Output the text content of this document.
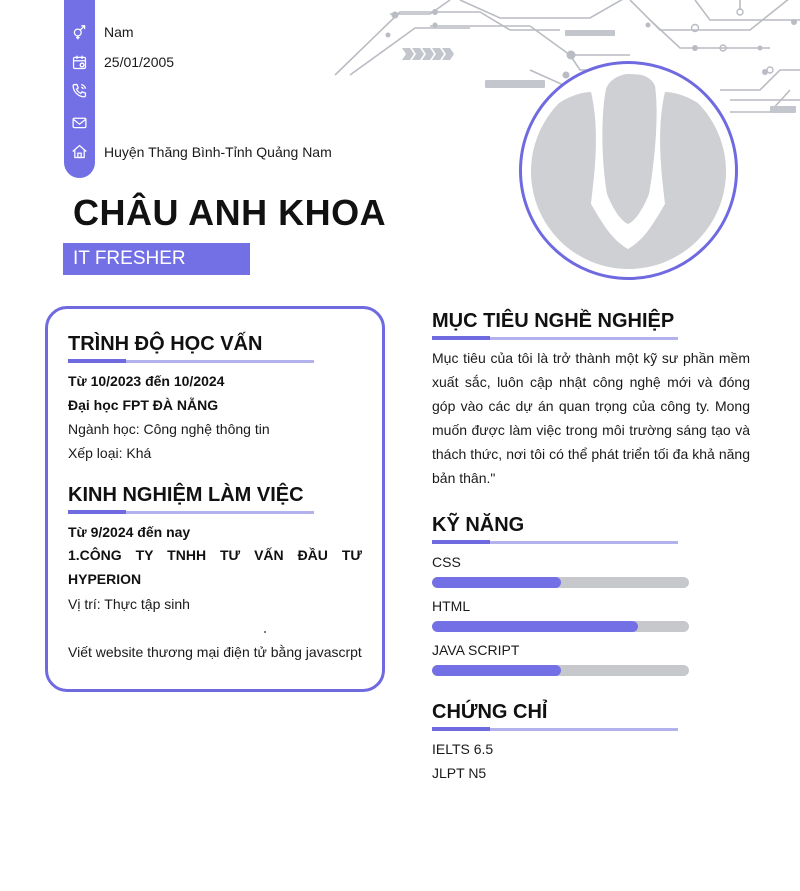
Nam
25/01/2005
Huyện Thăng Bình-Tỉnh Quảng Nam
CHÂU ANH KHOA
IT FRESHER
TRÌNH ĐỘ HỌC VẤN
Từ 10/2023 đến 10/2024
Đại học FPT ĐÀ NẴNG
Ngành học: Công nghệ thông tin
Xếp loại: Khá
KINH NGHIỆM LÀM VIỆC
Từ 9/2024 đến nay
1.CÔNG TY TNHH TƯ VẤN ĐẦU TƯ HYPERION
Vị trí: Thực tập sinh
Viết website thương mại điện tử bằng javascrpt
MỤC TIÊU NGHỀ NGHIỆP
Mục tiêu của tôi là trở thành một kỹ sư phần mềm xuất sắc, luôn cập nhật công nghệ mới và đóng góp vào các dự án quan trọng của công ty. Mong muốn được làm việc trong môi trường sáng tạo và thách thức, nơi tôi có thể phát triển tối đa khả năng bản thân."
KỸ NĂNG
CSS
HTML
JAVA SCRIPT
CHỨNG CHỈ
IELTS 6.5
JLPT N5
